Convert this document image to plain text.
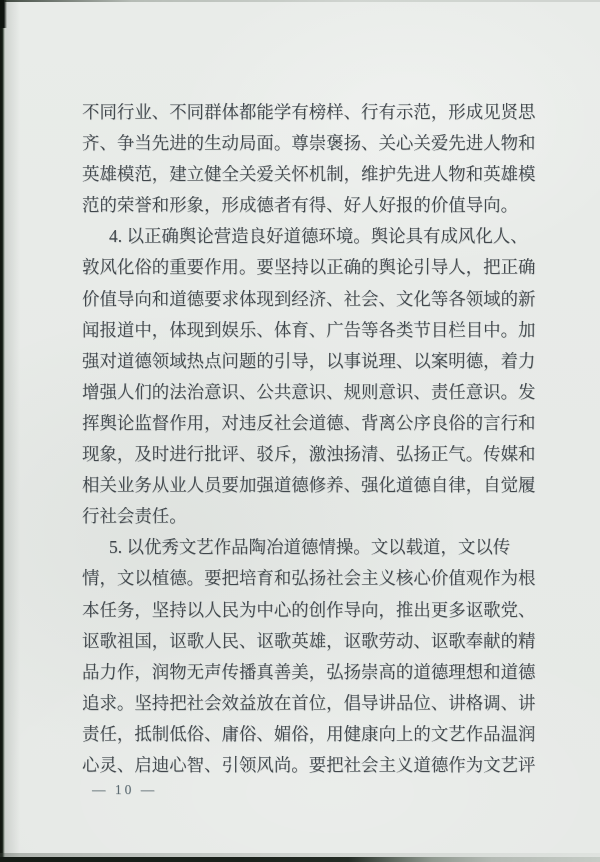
不同行业、不同群体都能学有榜样、行有示范，形成见贤思

齐、争当先进的生动局面。尊崇褒扬、关心关爱先进人物和

英雄模范，建立健全关爱关怀机制，维护先进人物和英雄模

范的荣誉和形象，形成德者有得、好人好报的价值导向。

4. 以正确舆论营造良好道德环境。舆论具有成风化人、

敦风化俗的重要作用。要坚持以正确的舆论引导人，把正确

价值导向和道德要求体现到经济、社会、文化等各领域的新

闻报道中，体现到娱乐、体育、广告等各类节目栏目中。加

强对道德领域热点问题的引导，以事说理、以案明德，着力

增强人们的法治意识、公共意识、规则意识、责任意识。发

挥舆论监督作用，对违反社会道德、背离公序良俗的言行和

现象，及时进行批评、驳斥，激浊扬清、弘扬正气。传媒和

相关业务从业人员要加强道德修养、强化道德自律，自觉履

行社会责任。

5. 以优秀文艺作品陶冶道德情操。文以载道，文以传

情，文以植德。要把培育和弘扬社会主义核心价值观作为根

本任务，坚持以人民为中心的创作导向，推出更多讴歌党、

讴歌祖国，讴歌人民、讴歌英雄，讴歌劳动、讴歌奉献的精

品力作，润物无声传播真善美，弘扬崇高的道德理想和道德

追求。坚持把社会效益放在首位，倡导讲品位、讲格调、讲

责任，抵制低俗、庸俗、媚俗，用健康向上的文艺作品温润

心灵、启迪心智、引领风尚。要把社会主义道德作为文艺评

— 10 —
